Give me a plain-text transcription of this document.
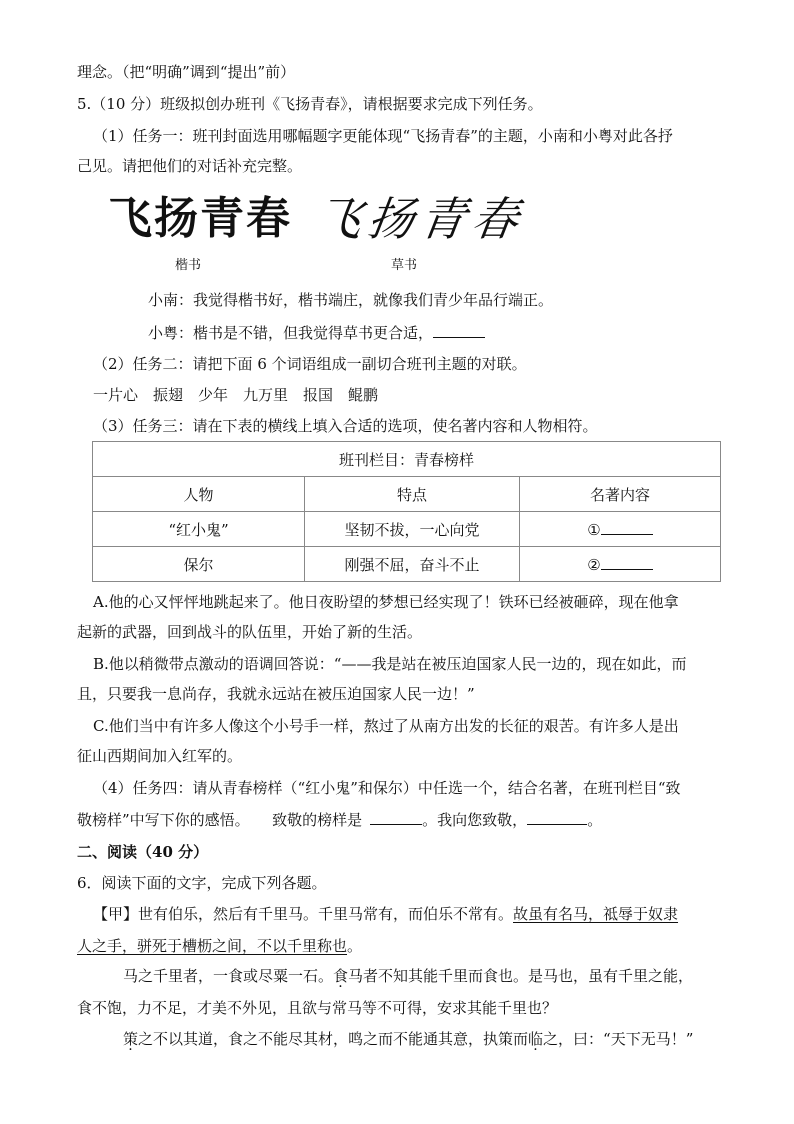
理念。（把“明确”调到“提出”前）
5.（10 分）班级拟创办班刊《飞扬青春》，请根据要求完成下列任务。
（1）任务一：班刊封面选用哪幅题字更能体现“飞扬青春”的主题，小南和小粤对此各抒
己见。请把他们的对话补充完整。
飞扬青春 飞扬青春
楷书	草书
小南：我觉得楷书好，楷书端庄，就像我们青少年品行端正。
小粤：楷书是不错，但我觉得草书更合适，
（2）任务二：请把下面 6 个词语组成一副切合班刊主题的对联。
一片心　振翅　少年　九万里　报国　鲲鹏
（3）任务三：请在下表的横线上填入合适的选项，使名著内容和人物相符。
班刊栏目：青春榜样		
人物	特点	名著内容
“红小鬼”	坚韧不拔，一心向党	①
保尔	刚强不屈，奋斗不止	②
A.他的心又怦怦地跳起来了。他日夜盼望的梦想已经实现了！铁环已经被砸碎，现在他拿
起新的武器，回到战斗的队伍里，开始了新的生活。
B.他以稍微带点激动的语调回答说：“——我是站在被压迫国家人民一边的，现在如此，而
且，只要我一息尚存，我就永远站在被压迫国家人民一边！”
C.他们当中有许多人像这个小号手一样，熬过了从南方出发的长征的艰苦。有许多人是出
征山西期间加入红军的。
（4）任务四：请从青春榜样（“红小鬼”和保尔）中任选一个，结合名著，在班刊栏目“致
敬榜样”中写下你的感悟。　　致敬的榜样是	。我向您致敬，	。
二、阅读（40 分）
6．阅读下面的文字，完成下列各题。
【甲】世有伯乐，然后有千里马。千里马常有，而伯乐不常有。故虽有名马，祗辱于奴隶
人之手，骈死于槽枥之间，不以千里称也。
马之千里者，一食或尽粟一石。食马者不知其能千里而食也。是马也，虽有千里之能，
食不饱，力不足，才美不外见，且欲与常马等不可得，安求其能千里也？
策之不以其道，食之不能尽其材，鸣之而不能通其意，执策而临之，曰：“天下无马！”
